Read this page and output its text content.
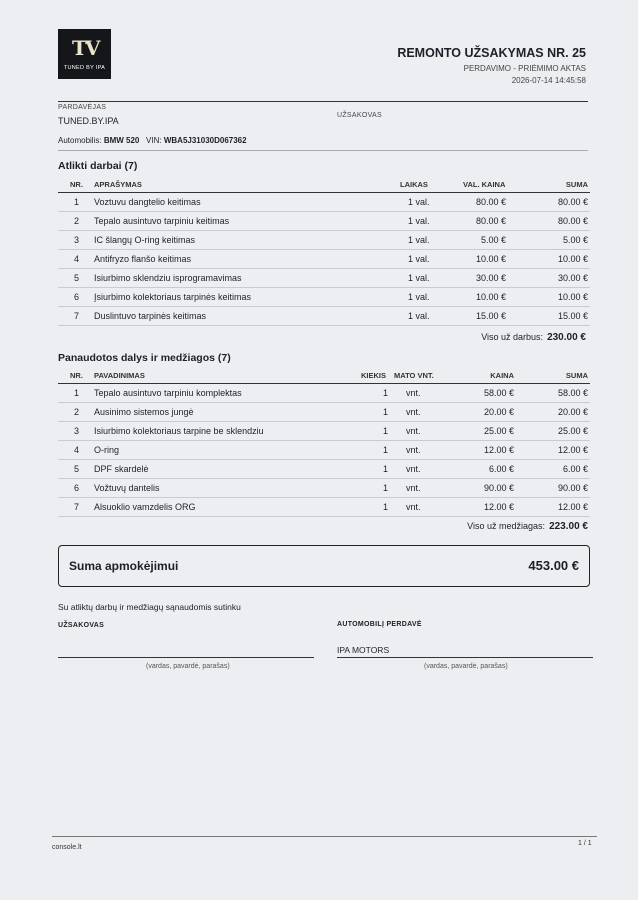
TV
TUNED BY IPA
REMONTO UŽSAKYMAS NR. 25
PERDAVIMO - PRIĖMIMO AKTAS
2026-07-14 14:45:58
PARDAVĖJAS
TUNED.BY.IPA
UŽSAKOVAS
Automobilis: BMW 520 VIN: WBA5J31030D067362
Atlikti darbai (7)
NR. APRAŠYMAS	LAIKAS	VAL. KAINA	SUMA
1 Voztuvu dangtelio keitimas	1 val.	80.00 €	80.00 €
2 Tepalo ausintuvo tarpiniu keitimas	1 val.	80.00 €	80.00 €
3 IC šlangų O-ring keitimas	1 val.	5.00 €	5.00 €
4 Antifryzo flanšo keitimas	1 val.	10.00 €	10.00 €
5 Isiurbimo sklendziu isprogramavimas	1 val.	30.00 €	30.00 €
6 Įsiurbimo kolektoriaus tarpinės keitimas	1 val.	10.00 €	10.00 €
7 Duslintuvo tarpinės keitimas	1 val.	15.00 €	15.00 €
Viso už darbus: 230.00 €
Panaudotos dalys ir medžiagos (7)
NR. PAVADINIMAS	KIEKIS MATO VNT.	KAINA	SUMA
1 Tepalo ausintuvo tarpiniu komplektas	1 vnt.	58.00 €	58.00 €
2 Ausinimo sistemos jungė	1 vnt.	20.00 €	20.00 €
3 Isiurbimo kolektoriaus tarpine be sklendziu	1 vnt.	25.00 €	25.00 €
4 O-ring	1 vnt.	12.00 €	12.00 €
5 DPF skardelė	1 vnt.	6.00 €	6.00 €
6 Vožtuvų dantelis	1 vnt.	90.00 €	90.00 €
7 Alsuoklio vamzdelis ORG	1 vnt.	12.00 €	12.00 €
Viso už medžiagas: 223.00 €
Suma apmokėjimui	453.00 €
Su atliktų darbų ir medžiagų sąnaudomis sutinku
UŽSAKOVAS
(vardas, pavardė, parašas)
AUTOMOBILĮ PERDAVĖ
IPA MOTORS
(vardas, pavardė, parašas)
console.lt
1 / 1
